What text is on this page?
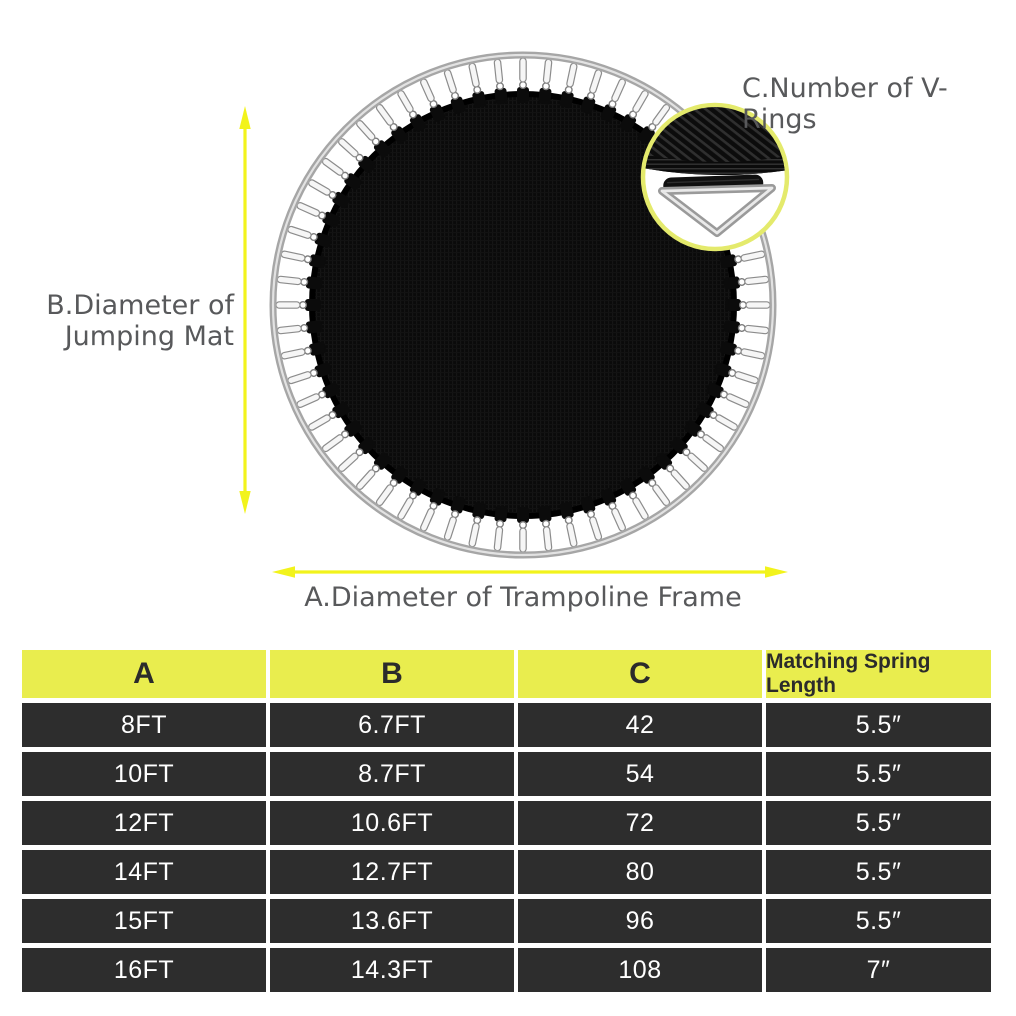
B.Diameter of
Jumping Mat
A.Diameter of Trampoline Frame
C.Number of V-Rings
A	B	C	Matching Spring Length
8FT	6.7FT	42	5.5″
10FT	8.7FT	54	5.5″
12FT	10.6FT	72	5.5″
14FT	12.7FT	80	5.5″
15FT	13.6FT	96	5.5″
16FT	14.3FT	108	7″
